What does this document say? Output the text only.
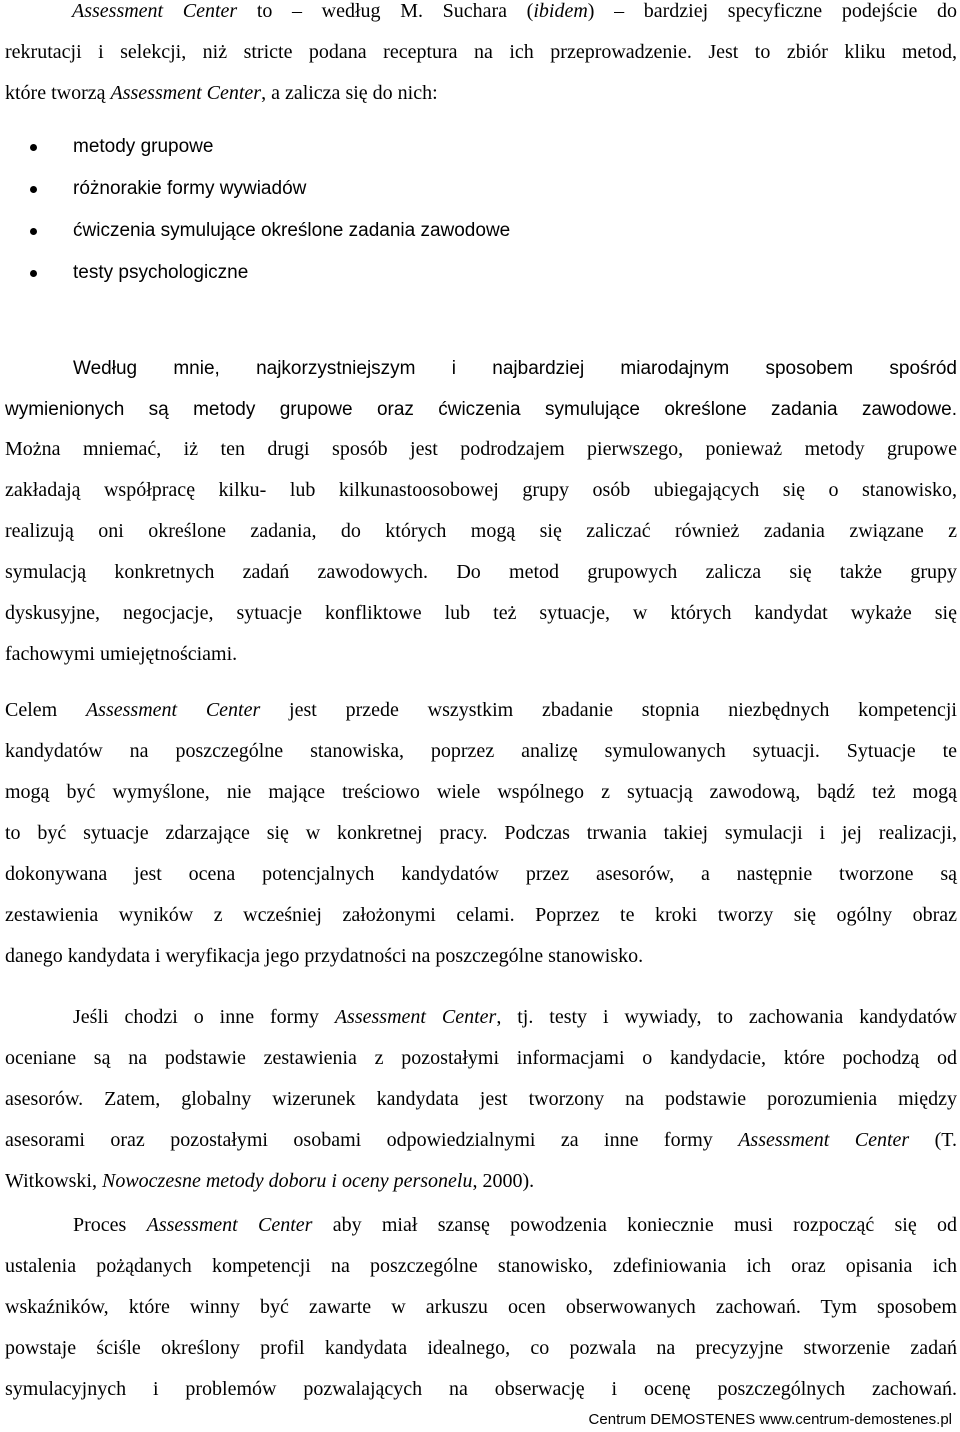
Assessment Center to – według M. Suchara (ibidem) – bardziej specyficzne podejście do

rekrutacji i selekcji, niż stricte podana receptura na ich przeprowadzenie. Jest to zbiór kliku metod,

które tworzą Assessment Center, a zalicza się do nich:

metody grupowe
różnorakie formy wywiadów
ćwiczenia symulujące określone zadania zawodowe
testy psychologiczne

Według mnie, najkorzystniejszym i najbardziej miarodajnym sposobem spośród

wymienionych są metody grupowe oraz ćwiczenia symulujące określone zadania zawodowe.

Można mniemać, iż ten drugi sposób jest podrodzajem pierwszego, ponieważ metody grupowe

zakładają współpracę kilku- lub kilkunastoosobowej grupy osób ubiegających się o stanowisko,

realizują oni określone zadania, do których mogą się zaliczać również zadania związane z

symulacją konkretnych zadań zawodowych. Do metod grupowych zalicza się także grupy

dyskusyjne, negocjacje, sytuacje konfliktowe lub też sytuacje, w których kandydat wykaże się

fachowymi umiejętnościami.

Celem Assessment Center jest przede wszystkim zbadanie stopnia niezbędnych kompetencji

kandydatów na poszczególne stanowiska, poprzez analizę symulowanych sytuacji. Sytuacje te

mogą być wymyślone, nie mające treściowo wiele wspólnego z sytuacją zawodową, bądź też mogą

to być sytuacje zdarzające się w konkretnej pracy. Podczas trwania takiej symulacji i jej realizacji,

dokonywana jest ocena potencjalnych kandydatów przez asesorów, a następnie tworzone są

zestawienia wyników z wcześniej założonymi celami. Poprzez te kroki tworzy się ogólny obraz

danego kandydata i weryfikacja jego przydatności na poszczególne stanowisko.

Jeśli chodzi o inne formy Assessment Center, tj. testy i wywiady, to zachowania kandydatów

oceniane są na podstawie zestawienia z pozostałymi informacjami o kandydacie, które pochodzą od

asesorów. Zatem, globalny wizerunek kandydata jest tworzony na podstawie porozumienia między

asesorami oraz pozostałymi osobami odpowiedzialnymi za inne formy Assessment Center (T.

Witkowski, Nowoczesne metody doboru i oceny personelu, 2000).

Proces Assessment Center aby miał szansę powodzenia koniecznie musi rozpocząć się od

ustalenia pożądanych kompetencji na poszczególne stanowisko, zdefiniowania ich oraz opisania ich

wskaźników, które winny być zawarte w arkuszu ocen obserwowanych zachowań. Tym sposobem

powstaje ściśle określony profil kandydata idealnego, co pozwala na precyzyjne stworzenie zadań

symulacyjnych i problemów pozwalających na obserwację i ocenę poszczególnych zachowań.

Centrum DEMOSTENES www.centrum-demostenes.pl
